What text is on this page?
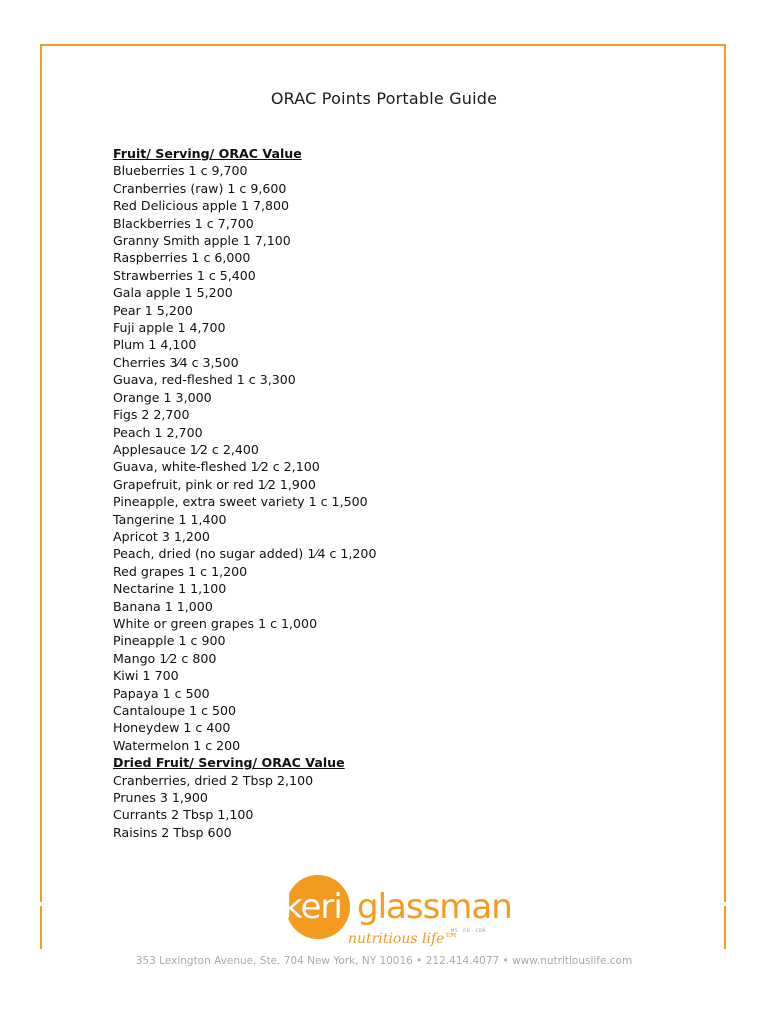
ORAC Points Portable Guide
Fruit/ Serving/ ORAC Value
Blueberries 1 c 9,700
Cranberries (raw) 1 c 9,600
Red Delicious apple 1 7,800
Blackberries 1 c 7,700
Granny Smith apple 1 7,100
Raspberries 1 c 6,000
Strawberries 1 c 5,400
Gala apple 1 5,200
Pear 1 5,200
Fuji apple 1 4,700
Plum 1 4,100
Cherries 3⁄4 c 3,500
Guava, red-fleshed 1 c 3,300
Orange 1 3,000
Figs 2 2,700
Peach 1 2,700
Applesauce 1⁄2 c 2,400
Guava, white-fleshed 1⁄2 c 2,100
Grapefruit, pink or red 1⁄2 1,900
Pineapple, extra sweet variety 1 c 1,500
Tangerine 1 1,400
Apricot 3 1,200
Peach, dried (no sugar added) 1⁄4 c 1,200
Red grapes 1 c 1,200
Nectarine 1 1,100
Banana 1 1,000
White or green grapes 1 c 1,000
Pineapple 1 c 900
Mango 1⁄2 c 800
Kiwi 1 700
Papaya 1 c 500
Cantaloupe 1 c 500
Honeydew 1 c 400
Watermelon 1 c 200
Dried Fruit/ Serving/ ORAC Value
Cranberries, dried 2 Tbsp 2,100
Prunes 3 1,900
Currants 2 Tbsp 1,100
Raisins 2 Tbsp 600
keri glassman
MS · RD · CDN
nutritious life™
353 Lexington Avenue, Ste. 704 New York, NY 10016 • 212.414.4077 • www.nutritiouslife.com
